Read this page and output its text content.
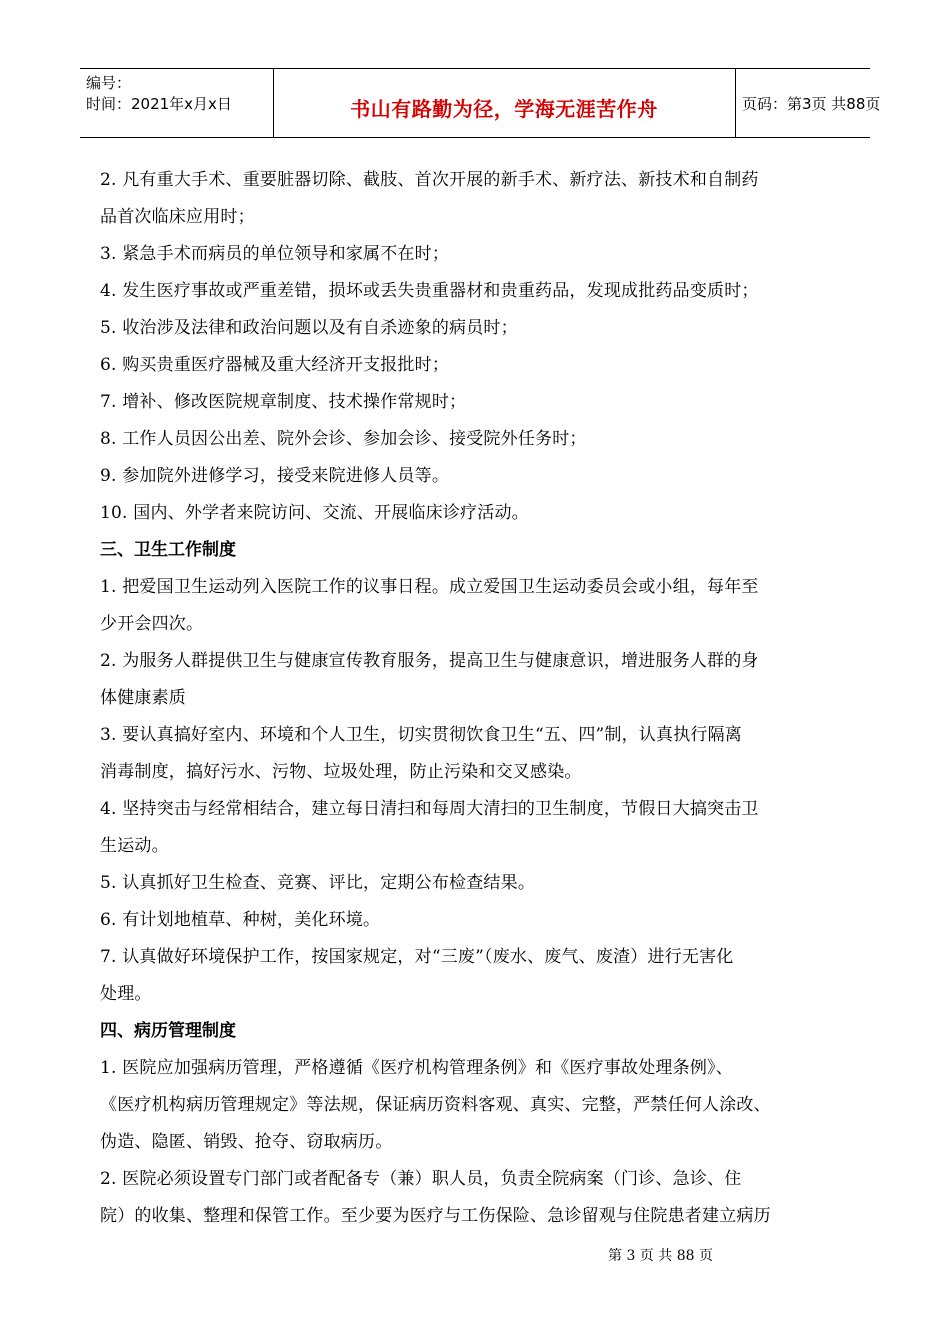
编号：
时间：2021年x月x日	书山有路勤为径，学海无涯苦作舟	页码：第3页 共88页
2. 凡有重大手术、重要脏器切除、截肢、首次开展的新手术、新疗法、新技术和自制药
品首次临床应用时；
3. 紧急手术而病员的单位领导和家属不在时；
4. 发生医疗事故或严重差错，损坏或丢失贵重器材和贵重药品，发现成批药品变质时；
5. 收治涉及法律和政治问题以及有自杀迹象的病员时；
6. 购买贵重医疗器械及重大经济开支报批时；
7. 增补、修改医院规章制度、技术操作常规时；
8. 工作人员因公出差、院外会诊、参加会诊、接受院外任务时；
9. 参加院外进修学习，接受来院进修人员等。
10. 国内、外学者来院访问、交流、开展临床诊疗活动。
三、卫生工作制度
1. 把爱国卫生运动列入医院工作的议事日程。成立爱国卫生运动委员会或小组，每年至
少开会四次。
2. 为服务人群提供卫生与健康宣传教育服务，提高卫生与健康意识，增进服务人群的身
体健康素质
3. 要认真搞好室内、环境和个人卫生，切实贯彻饮食卫生“五、四”制，认真执行隔离
消毒制度，搞好污水、污物、垃圾处理，防止污染和交叉感染。
4. 坚持突击与经常相结合，建立每日清扫和每周大清扫的卫生制度，节假日大搞突击卫
生运动。
5. 认真抓好卫生检查、竞赛、评比，定期公布检查结果。
6. 有计划地植草、种树，美化环境。
7. 认真做好环境保护工作，按国家规定，对“三废”（废水、废气、废渣）进行无害化
处理。
四、病历管理制度
1. 医院应加强病历管理，严格遵循《医疗机构管理条例》和《医疗事故处理条例》、
《医疗机构病历管理规定》等法规，保证病历资料客观、真实、完整，严禁任何人涂改、
伪造、隐匿、销毁、抢夺、窃取病历。
2. 医院必须设置专门部门或者配备专（兼）职人员，负责全院病案（门诊、急诊、住
院）的收集、整理和保管工作。至少要为医疗与工伤保险、急诊留观与住院患者建立病历
第 3 页 共 88 页
